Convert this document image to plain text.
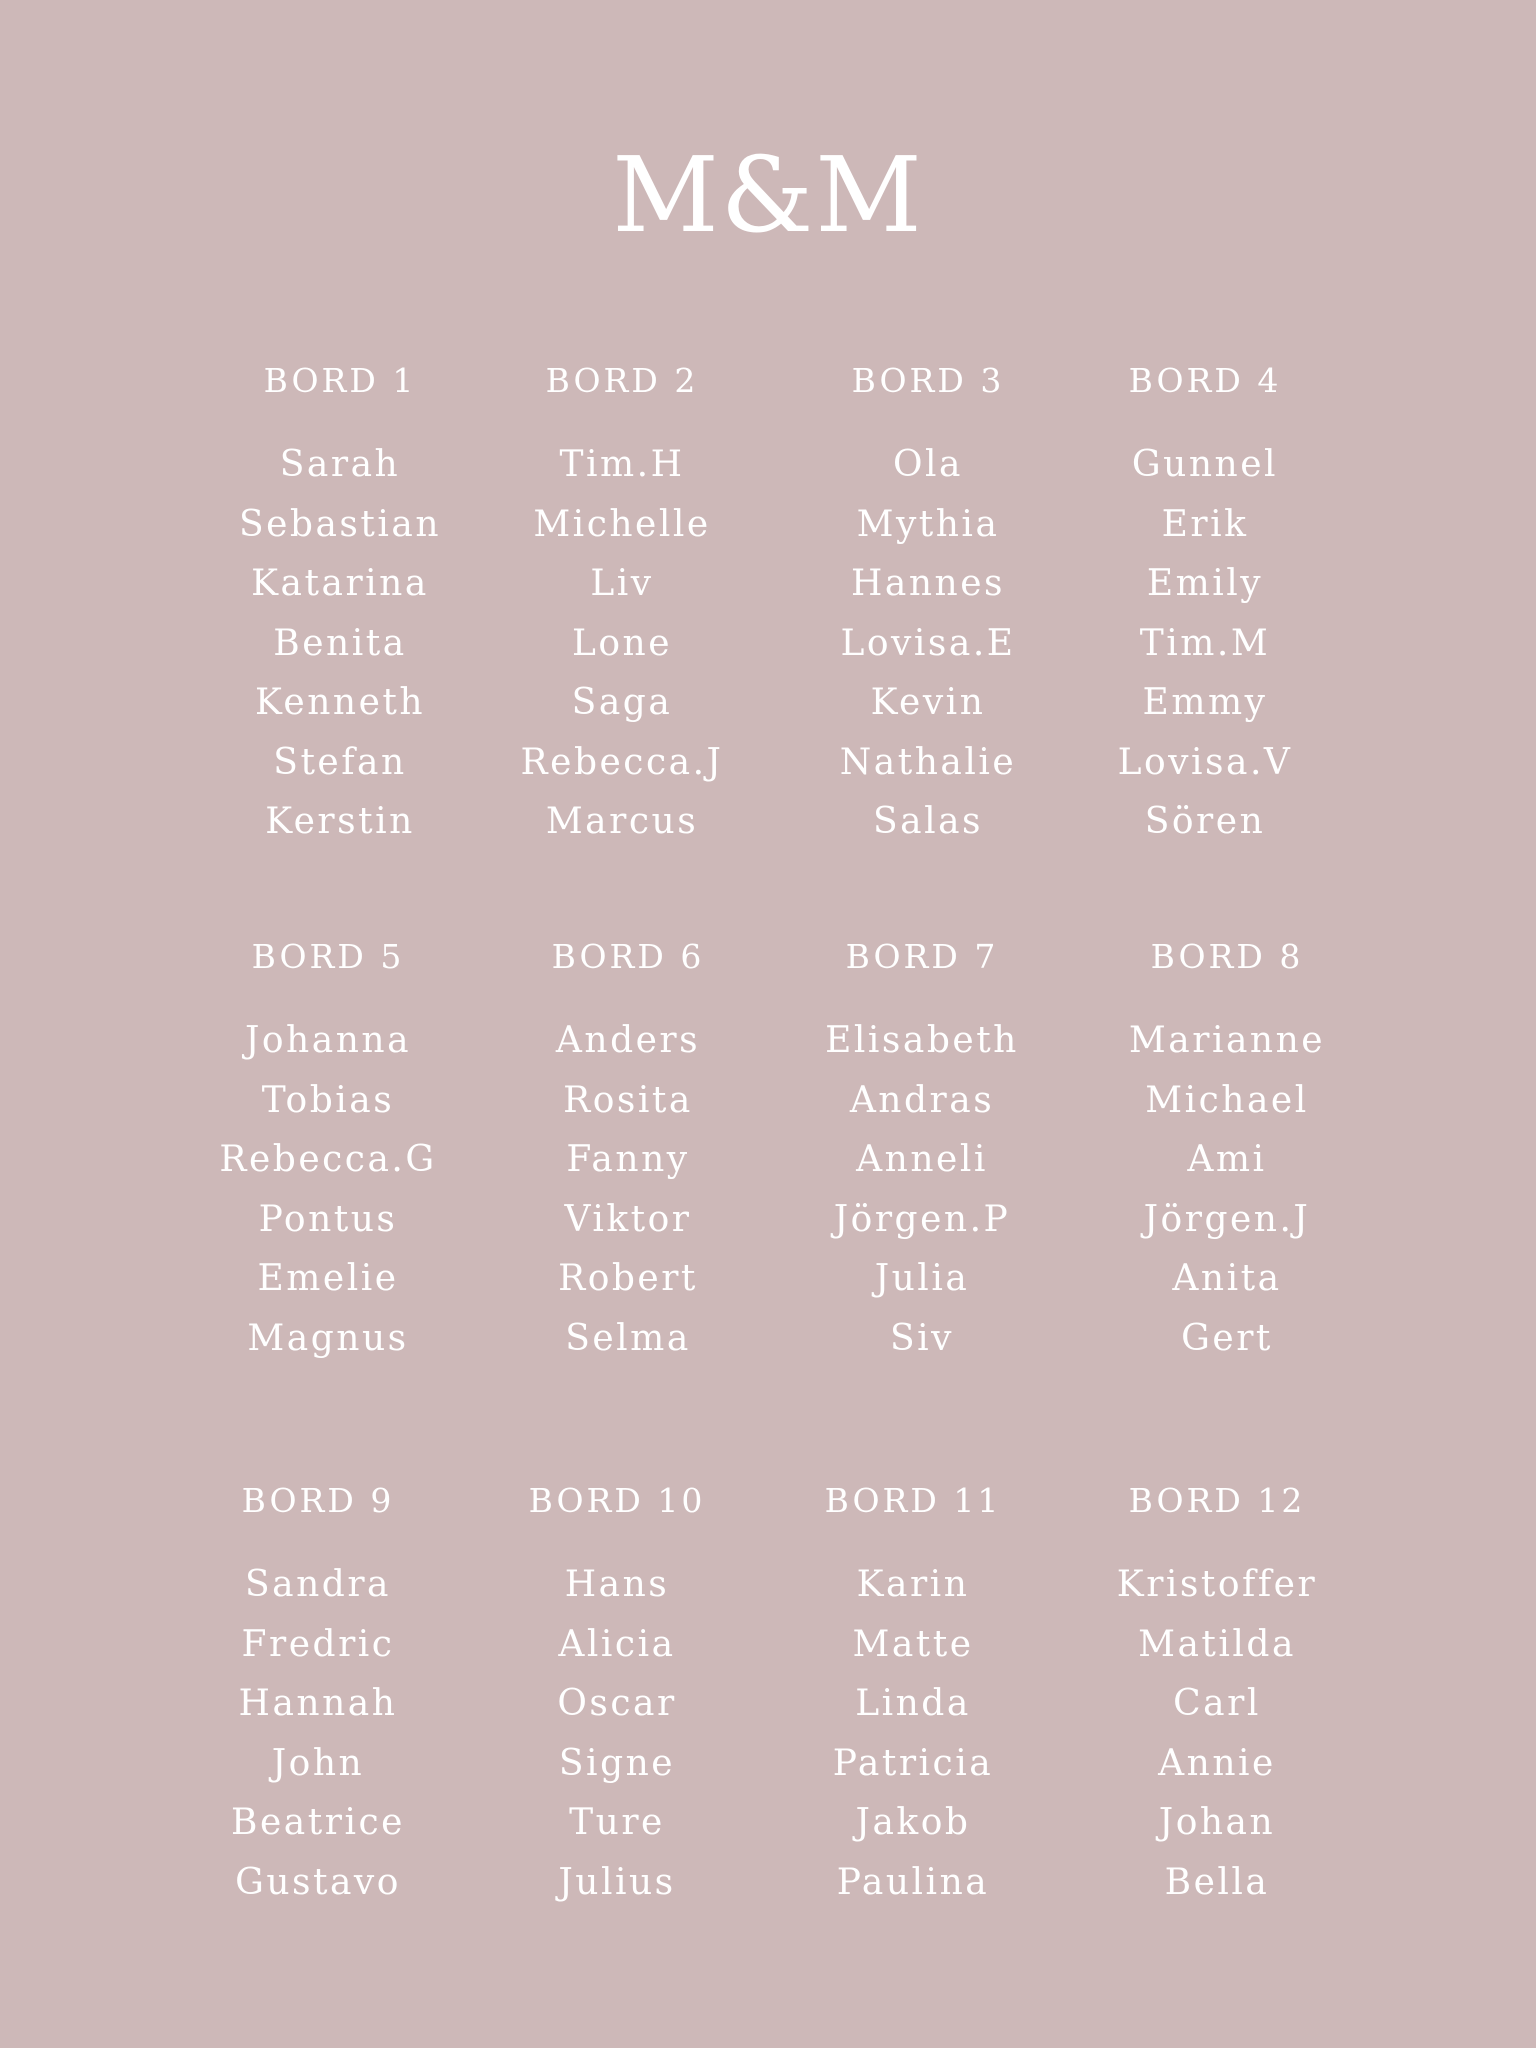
M&M
BORD 1
Sarah
Sebastian
Katarina
Benita
Kenneth
Stefan
Kerstin
BORD 2
Tim.H
Michelle
Liv
Lone
Saga
Rebecca.J
Marcus
BORD 3
Ola
Mythia
Hannes
Lovisa.E
Kevin
Nathalie
Salas
BORD 4
Gunnel
Erik
Emily
Tim.M
Emmy
Lovisa.V
Sören
BORD 5
Johanna
Tobias
Rebecca.G
Pontus
Emelie
Magnus
BORD 6
Anders
Rosita
Fanny
Viktor
Robert
Selma
BORD 7
Elisabeth
Andras
Anneli
Jörgen.P
Julia
Siv
BORD 8
Marianne
Michael
Ami
Jörgen.J
Anita
Gert
BORD 9
Sandra
Fredric
Hannah
John
Beatrice
Gustavo
BORD 10
Hans
Alicia
Oscar
Signe
Ture
Julius
BORD 11
Karin
Matte
Linda
Patricia
Jakob
Paulina
BORD 12
Kristoffer
Matilda
Carl
Annie
Johan
Bella
